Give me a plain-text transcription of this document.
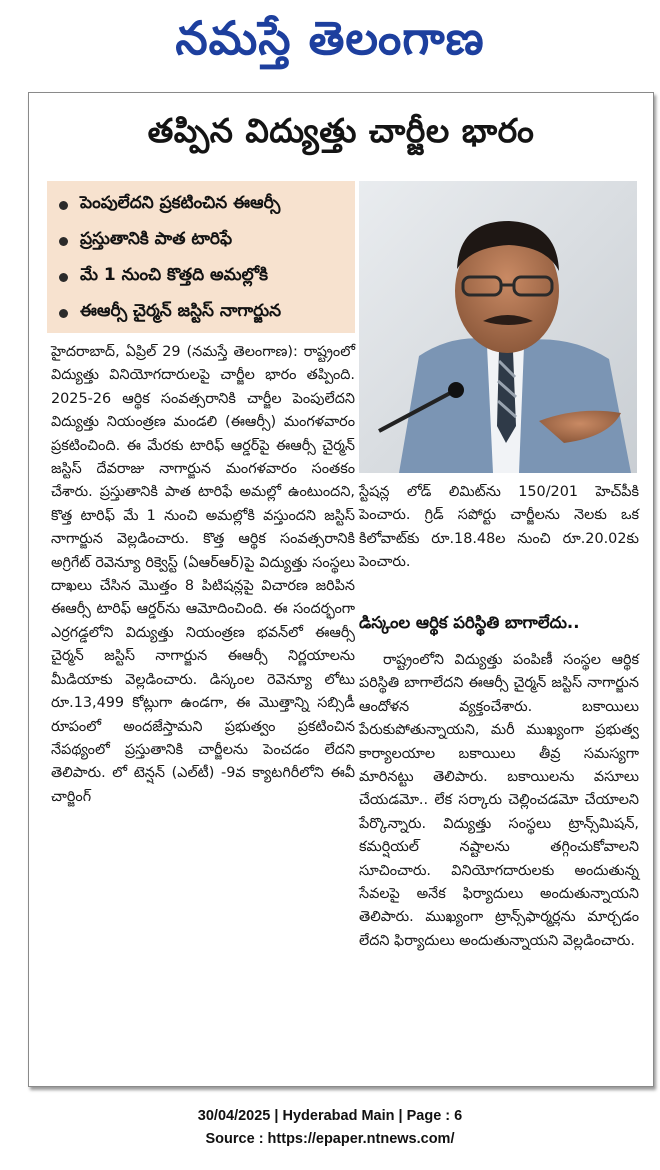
నమస్తే తెలంగాణ
తప్పిన విద్యుత్తు చార్జీల భారం
పెంపులేదని ప్రకటించిన ఈఆర్సీ
ప్రస్తుతానికి పాత టారిఫే
మే 1 నుంచి కొత్తది అమల్లోకి
ఈఆర్సీ చైర్మన్ జస్టిస్ నాగార్జున

హైదరాబాద్, ఏప్రిల్ 29 (నమస్తే తెలంగాణ): రాష్ట్రంలో విద్యుత్తు వినియోగదారులపై చార్జీల భారం తప్పింది. 2025-26 ఆర్థిక సంవత్సరానికి చార్జీల పెంపులేదని విద్యుత్తు నియంత్రణ మండలి (ఈఆర్సీ) మంగళవారం ప్రకటించింది. ఈ మేరకు టారిఫ్ ఆర్డర్‌పై ఈఆర్సీ చైర్మన్ జస్టిస్ దేవరాజు నాగార్జున మంగళవారం సంతకం చేశారు. ప్రస్తుతానికి పాత టారిఫే అమల్లో ఉంటుందని, కొత్త టారిఫ్ మే 1 నుంచి అమల్లోకి వస్తుందని జస్టిస్ నాగార్జున వెల్లడించారు. కొత్త ఆర్థిక సంవత్సరానికి అగ్రిగేట్ రెవెన్యూ రిక్వెస్ట్ (ఏఆర్ఆర్)పై విద్యుత్తు సంస్థలు దాఖలు చేసిన మొత్తం 8 పిటిషన్లపై విచారణ జరిపిన ఈఆర్సీ టారిఫ్ ఆర్డర్‌ను ఆమోదించింది. ఈ సందర్భంగా ఎర్రగడ్డలోని విద్యుత్తు నియంత్రణ భవన్‌లో ఈఆర్సీ చైర్మన్ జస్టిస్ నాగార్జున ఈఆర్సీ నిర్ణయాలను మీడియాకు వెల్లడించారు. డిస్కంల రెవెన్యూ లోటు రూ.13,499 కోట్లుగా ఉండగా, ఈ మొత్తాన్ని సబ్సిడీ రూపంలో అందజేస్తామని ప్రభుత్వం ప్రకటించిన నేపథ్యంలో ప్రస్తుతానికి చార్జీలను పెంచడం లేదని తెలిపారు. లో టెన్షన్ (ఎల్‌టీ) -9వ క్యాటగిరీలోని ఈవీ చార్జింగ్

స్టేషన్ల లోడ్ లిమిట్‌ను 150/201 హెచ్‌పీకి పెంచారు. గ్రిడ్ సపోర్టు చార్జీలను నెలకు ఒక కిలోవాట్‌కు రూ.18.48ల నుంచి రూ.20.02కు పెంచారు.

డిస్కంల ఆర్థిక పరిస్థితి బాగాలేదు..

రాష్ట్రంలోని విద్యుత్తు పంపిణీ సంస్థల ఆర్థిక పరిస్థితి బాగాలేదని ఈఆర్సీ చైర్మన్ జస్టిస్ నాగార్జున ఆందోళన వ్యక్తంచేశారు. బకాయిలు పేరుకుపోతున్నాయని, మరీ ముఖ్యంగా ప్రభుత్వ కార్యాలయాల బకాయిలు తీవ్ర సమస్యగా మారినట్టు తెలిపారు. బకాయిలను వసూలు చేయడమో.. లేక సర్కారు చెల్లించడమో చేయాలని పేర్కొన్నారు. విద్యుత్తు సంస్థలు ట్రాన్స్‌మిషన్, కమర్షియల్ నష్టాలను తగ్గించుకోవాలని సూచించారు. వినియోగదారులకు అందుతున్న సేవలపై అనేక ఫిర్యాదులు అందుతున్నాయని తెలిపారు. ముఖ్యంగా ట్రాన్స్‌ఫార్మర్లను మార్చడం లేదని ఫిర్యాదులు అందుతున్నాయని వెల్లడించారు.

30/04/2025 | Hyderabad Main | Page : 6
Source : https://epaper.ntnews.com/
